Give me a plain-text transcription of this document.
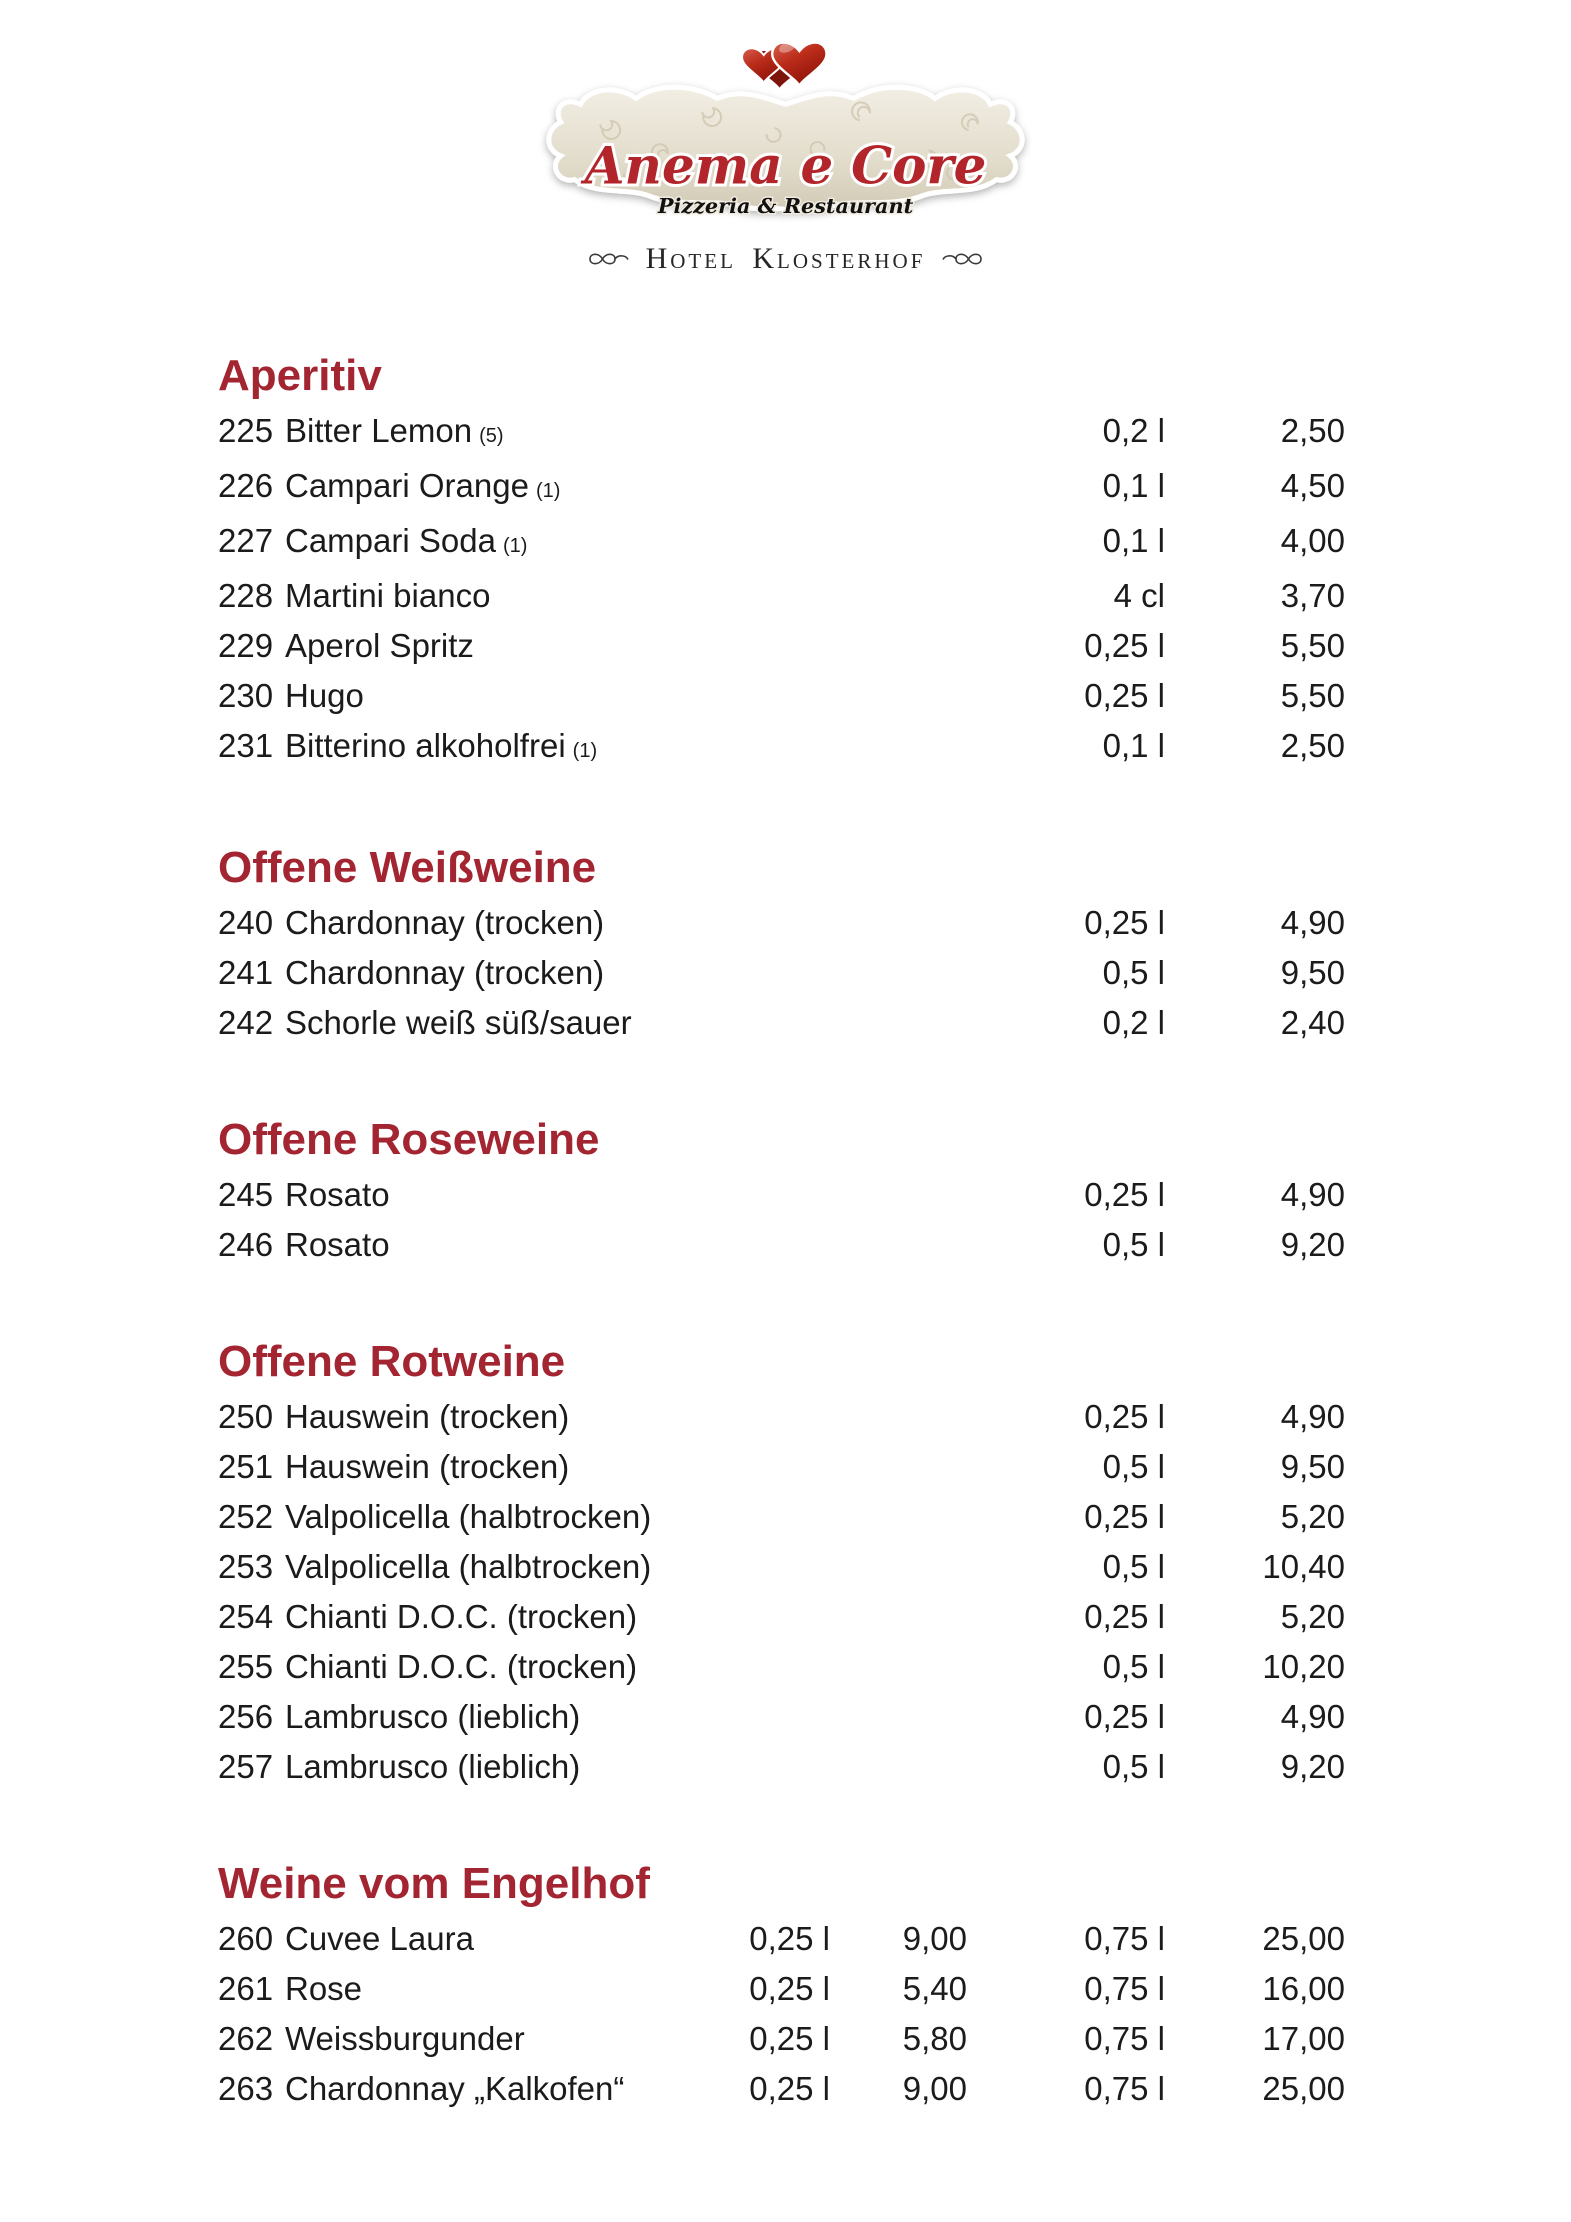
Anema e Core
Pizzeria & Restaurant
Hotel Klosterhof
Aperitiv
225 Bitter Lemon (5)	0,2 l	2,50
226 Campari Orange (1)	0,1 l	4,50
227 Campari Soda (1)	0,1 l	4,00
228 Martini bianco	4 cl	3,70
229 Aperol Spritz	0,25 l	5,50
230 Hugo	0,25 l	5,50
231 Bitterino alkoholfrei (1)	0,1 l	2,50
Offene Weißweine
240 Chardonnay (trocken)	0,25 l	4,90
241 Chardonnay (trocken)	0,5 l	9,50
242 Schorle weiß süß/sauer	0,2 l	2,40
Offene Roseweine
245 Rosato	0,25 l	4,90
246 Rosato	0,5 l	9,20
Offene Rotweine
250 Hauswein (trocken)	0,25 l	4,90
251 Hauswein (trocken)	0,5 l	9,50
252 Valpolicella (halbtrocken)	0,25 l	5,20
253 Valpolicella (halbtrocken)	0,5 l	10,40
254 Chianti D.O.C. (trocken)	0,25 l	5,20
255 Chianti D.O.C. (trocken)	0,5 l	10,20
256 Lambrusco (lieblich)	0,25 l	4,90
257 Lambrusco (lieblich)	0,5 l	9,20
Weine vom Engelhof
260 Cuvee Laura	0,25 l	9,00	0,75 l	25,00
261 Rose	0,25 l	5,40	0,75 l	16,00
262 Weissburgunder	0,25 l	5,80	0,75 l	17,00
263 Chardonnay „Kalkofen“	0,25 l	9,00	0,75 l	25,00
